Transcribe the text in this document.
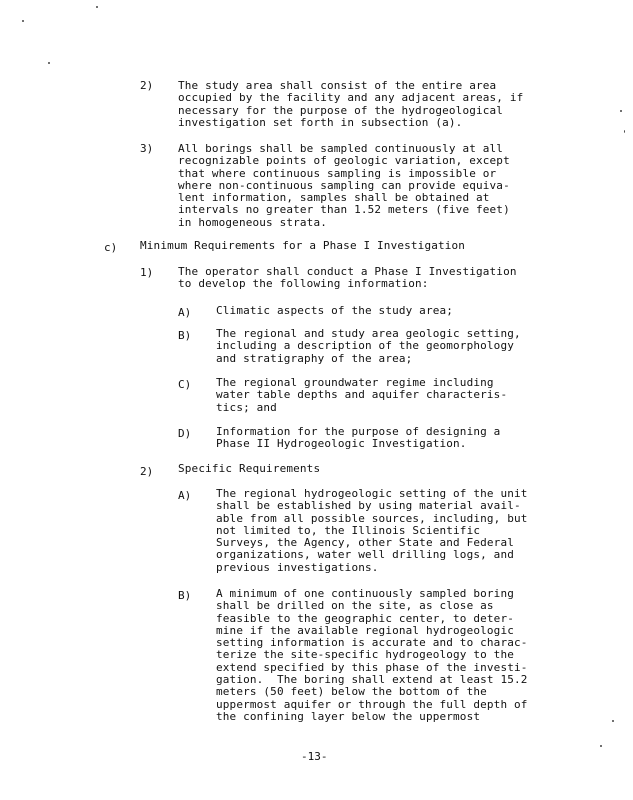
2) The study area shall consist of the entire area
occupied by the facility and any adjacent areas, if
necessary for the purpose of the hydrogeological
investigation set forth in subsection (a).
3) All borings shall be sampled continuously at all
recognizable points of geologic variation, except
that where continuous sampling is impossible or
where non-continuous sampling can provide equiva-
lent information, samples shall be obtained at
intervals no greater than 1.52 meters (five feet)
in homogeneous strata.
c) Minimum Requirements for a Phase I Investigation
1) The operator shall conduct a Phase I Investigation
to develop the following information:
A) Climatic aspects of the study area;
B) The regional and study area geologic setting,
including a description of the geomorphology
and stratigraphy of the area;
C) The regional groundwater regime including
water table depths and aquifer characteris-
tics; and
D) Information for the purpose of designing a
Phase II Hydrogeologic Investigation.
2) Specific Requirements
A) The regional hydrogeologic setting of the unit
shall be established by using material avail-
able from all possible sources, including, but
not limited to, the Illinois Scientific
Surveys, the Agency, other State and Federal
organizations, water well drilling logs, and
previous investigations.
B) A minimum of one continuously sampled boring
shall be drilled on the site, as close as
feasible to the geographic center, to deter-
mine if the available regional hydrogeologic
setting information is accurate and to charac-
terize the site-specific hydrogeology to the
extend specified by this phase of the investi-
gation.  The boring shall extend at least 15.2
meters (50 feet) below the bottom of the
uppermost aquifer or through the full depth of
the confining layer below the uppermost
-13-
